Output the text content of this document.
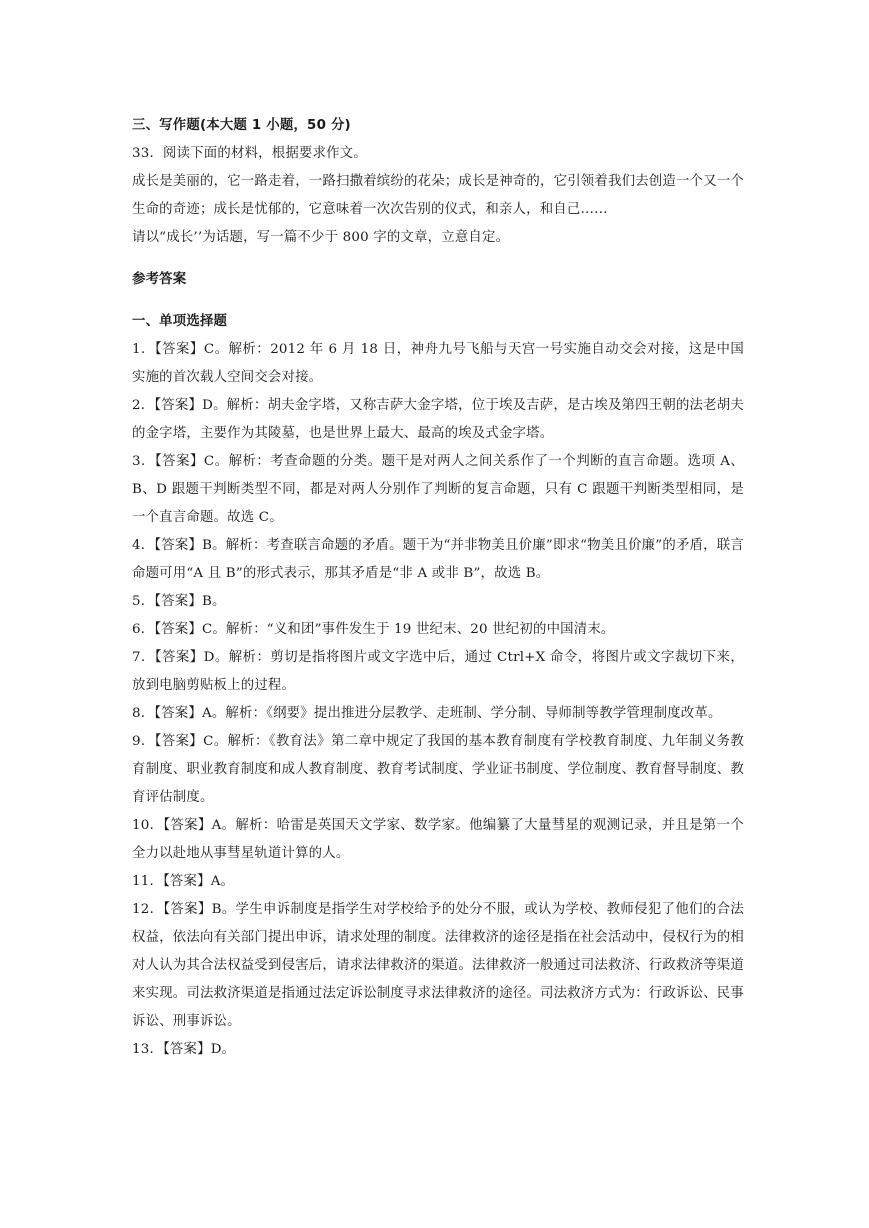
三、写作题(本大题 1 小题，50 分)

33．阅读下面的材料，根据要求作文。

成长是美丽的，它一路走着，一路扫撒着缤纷的花朵；成长是神奇的，它引领着我们去创造一个又一个生命的奇迹；成长是忧郁的，它意味着一次次告别的仪式，和亲人，和自己……

请以“成长’’为话题，写一篇不少于 800 字的文章，立意自定。

参考答案
一、单项选择题

1．【答案】C。解析：2012 年 6 月 18 日，神舟九号飞船与天宫一号实施自动交会对接，这是中国实施的首次载人空间交会对接。

2．【答案】D。解析：胡夫金字塔，又称吉萨大金字塔，位于埃及吉萨，是古埃及第四王朝的法老胡夫的金字塔，主要作为其陵墓，也是世界上最大、最高的埃及式金字塔。

3．【答案】C。解析：考查命题的分类。题干是对两人之间关系作了一个判断的直言命题。选项 A、B、D 跟题干判断类型不同，都是对两人分别作了判断的复言命题，只有 C 跟题干判断类型相同，是一个直言命题。故选 C。

4．【答案】B。解析：考查联言命题的矛盾。题干为“并非物美且价廉”即求“物美且价廉”的矛盾，联言命题可用“A 且 B”的形式表示，那其矛盾是“非 A 或非 B”，故选 B。

5．【答案】B。

6．【答案】C。解析：“义和团”事件发生于 19 世纪末、20 世纪初的中国清末。

7．【答案】D。解析：剪切是指将图片或文字选中后，通过 Ctrl+X 命令，将图片或文字裁切下来，放到电脑剪贴板上的过程。

8．【答案】A。解析：《纲要》提出推进分层教学、走班制、学分制、导师制等教学管理制度改革。

9．【答案】C。解析：《教育法》第二章中规定了我国的基本教育制度有学校教育制度、九年制义务教育制度、职业教育制度和成人教育制度、教育考试制度、学业证书制度、学位制度、教育督导制度、教育评估制度。

10．【答案】A。解析：哈雷是英国天文学家、数学家。他编纂了大量彗星的观测记录，并且是第一个全力以赴地从事彗星轨道计算的人。

11．【答案】A。

12．【答案】B。学生申诉制度是指学生对学校给予的处分不服，或认为学校、教师侵犯了他们的合法权益，依法向有关部门提出申诉，请求处理的制度。法律救济的途径是指在社会活动中，侵权行为的相对人认为其合法权益受到侵害后，请求法律救济的渠道。法律救济一般通过司法救济、行政救济等渠道来实现。司法救济渠道是指通过法定诉讼制度寻求法律救济的途径。司法救济方式为：行政诉讼、民事诉讼、刑事诉讼。

13．【答案】D。
